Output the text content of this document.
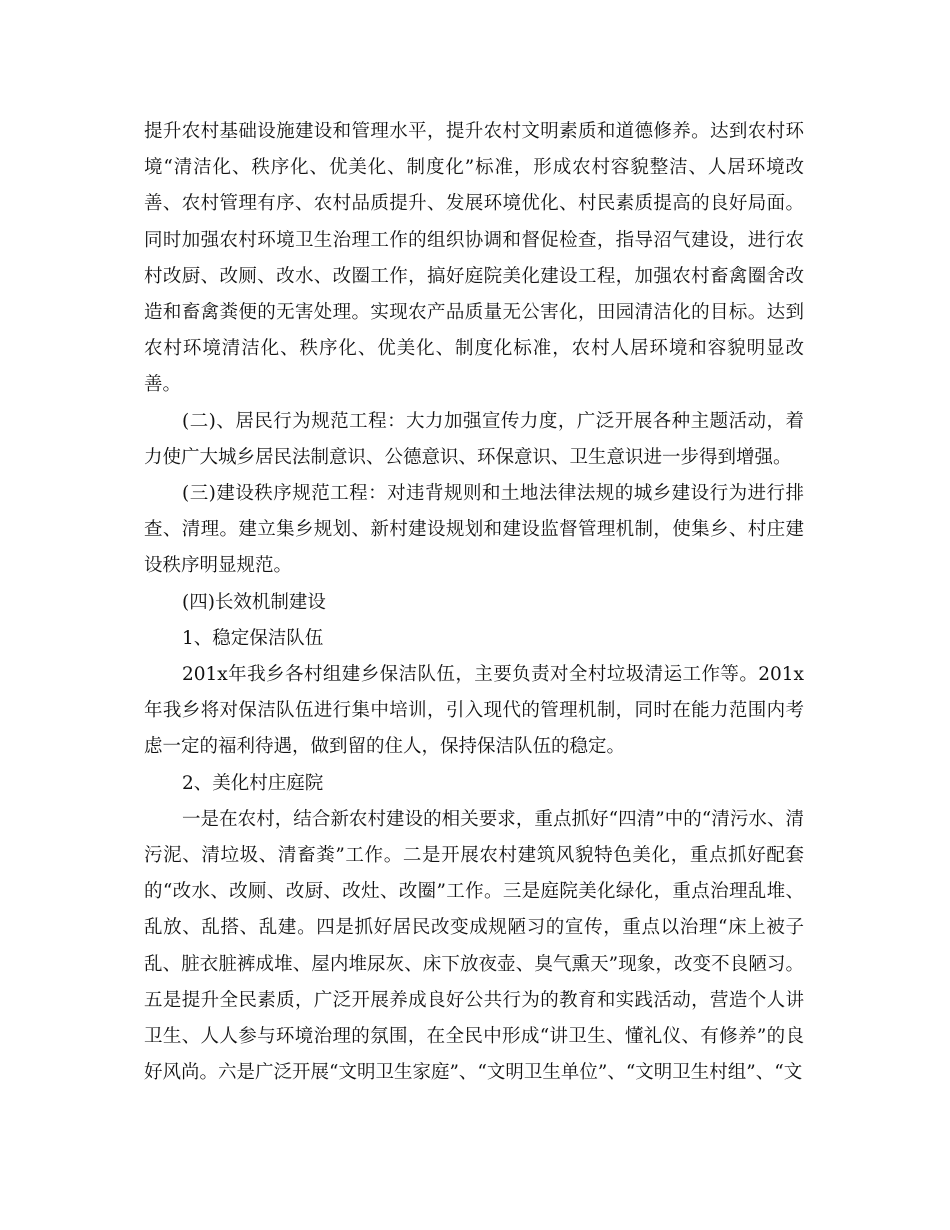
提升农村基础设施建设和管理水平，提升农村文明素质和道德修养。达到农村环境“清洁化、秩序化、优美化、制度化”标准，形成农村容貌整洁、人居环境改善、农村管理有序、农村品质提升、发展环境优化、村民素质提高的良好局面。同时加强农村环境卫生治理工作的组织协调和督促检查，指导沼气建设，进行农村改厨、改厕、改水、改圈工作，搞好庭院美化建设工程，加强农村畜禽圈舍改造和畜禽粪便的无害处理。实现农产品质量无公害化，田园清洁化的目标。达到农村环境清洁化、秩序化、优美化、制度化标准，农村人居环境和容貌明显改善。

(二)、居民行为规范工程：大力加强宣传力度，广泛开展各种主题活动，着力使广大城乡居民法制意识、公德意识、环保意识、卫生意识进一步得到增强。

(三)建设秩序规范工程：对违背规则和土地法律法规的城乡建设行为进行排查、清理。建立集乡规划、新村建设规划和建设监督管理机制，使集乡、村庄建设秩序明显规范。

(四)长效机制建设

1、稳定保洁队伍

201x年我乡各村组建乡保洁队伍，主要负责对全村垃圾清运工作等。201x年我乡将对保洁队伍进行集中培训，引入现代的管理机制，同时在能力范围内考虑一定的福利待遇，做到留的住人，保持保洁队伍的稳定。

2、美化村庄庭院

一是在农村，结合新农村建设的相关要求，重点抓好“四清”中的“清污水、清污泥、清垃圾、清畜粪”工作。二是开展农村建筑风貌特色美化，重点抓好配套的“改水、改厕、改厨、改灶、改圈”工作。三是庭院美化绿化，重点治理乱堆、乱放、乱搭、乱建。四是抓好居民改变成规陋习的宣传，重点以治理“床上被子乱、脏衣脏裤成堆、屋内堆尿灰、床下放夜壶、臭气熏天”现象，改变不良陋习。五是提升全民素质，广泛开展养成良好公共行为的教育和实践活动，营造个人讲卫生、人人参与环境治理的氛围，在全民中形成“讲卫生、懂礼仪、有修养”的良好风尚。六是广泛开展“文明卫生家庭”、“文明卫生单位”、“文明卫生村组”、“文
